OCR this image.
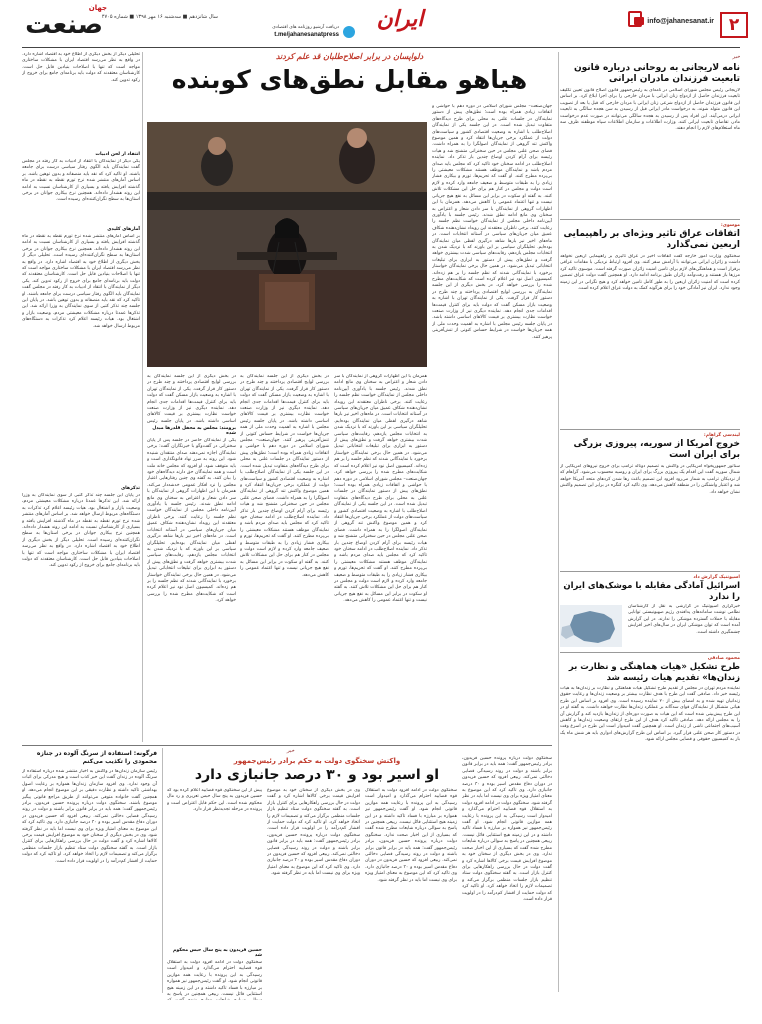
۲
info@jahanesanat.ir
ایران
دریافت آرشیو روزنامه های اقتصادی
t.me/jahanesanatpress
جهان
صنعت
سال شانزدهم ■ سه‌شنبه ۱۶ مهر ۱۳۹۸ ■ شماره ۴۷۰۵
خبر
نامه لاریجانی به روحانی درباره قانون تابعیت فرزندان مادران ایرانی
لاریجانی رئیس مجلس شورای اسلامی در نامه‌ای به رئیس‌جمهور قانون اصلاح قانون تعیین تکلیف تابعیت فرزندان حاصل از ازدواج زنان ایرانی با مردان خارجی را برای اجرا ابلاغ کرد. بر اساس این قانون فرزندان حاصل از ازدواج شرعی زنان ایرانی با مردان خارجی که قبل یا بعد از تصویب این قانون متولد شوند، به درخواست مادر ایرانی قبل از رسیدن به سن هجده سالگی به تابعیت ایرانی درمی‌آیند. این افراد پس از رسیدن به هجده سالگی می‌توانند در صورت عدم درخواست مادر، تقاضای تابعیت ایرانی کنند. وزارت اطلاعات و سازمان اطلاعات سپاه موظفند ظرف سه ماه استعلام‌های لازم را انجام دهند.
موسوی:
اتفاقات عراق تاثیر ویژه‌ای بر راهپیمایی اربعین نمی‌گذارد
سخنگوی وزارت امور خارجه گفت اتفاقات اخیر در عراق تاثیری بر راهپیمایی اربعین نخواهد داشت و زائران ایرانی می‌توانند با آرامش سفر کنند. وی افزود ارتباط نزدیکی با مقامات عراقی برقرار است و هماهنگی‌های لازم برای تامین امنیت زائران صورت گرفته است. موسوی تاکید کرد مرزها باز هستند و رفت‌وآمد زائران طبق برنامه ادامه دارد. او همچنین گفت دولت عراق تضمین کرده است که امنیت زائران اربعین را به طور کامل تامین خواهد کرد و هیچ نگرانی در این زمینه وجود ندارد. ایران نیز آمادگی خود را برای هرگونه کمک به دولت عراق اعلام کرده است.
لیندسی گراهام:
خروج آمریکا از سوریه، پیروزی بزرگی برای ایران است
سناتور جمهوریخواه آمریکایی در واکنش به تصمیم دونالد ترامپ برای خروج نیروهای آمریکایی از شمال سوریه گفت این اقدام یک پیروزی بزرگ برای ایران و روسیه محسوب می‌شود. گراهام که از نزدیکان ترامپ به شمار می‌رود افزود این تصمیم باعث رها شدن کردهای متحد آمریکا خواهد شد و اعتبار واشنگتن را در منطقه کاهش می‌دهد. وی تاکید کرد کنگره در برابر این تصمیم واکنش نشان خواهد داد.
اسپوتنیک گزارش داد
اسرائیل آمادگی مقابله با موشک‌های ایران را ندارد
خبرگزاری اسپوتنیک در گزارشی به نقل از کارشناسان نظامی نوشت سامانه‌های پدافندی رژیم صهیونیستی توانایی مقابله با حملات گسترده موشکی را ندارند. در این گزارش آمده است که توان موشکی ایران در سال‌های اخیر افزایش چشمگیری داشته است.
محمود صادقی
طرح تشکیل «هیات هماهنگی و نظارت بر زندان‌ها» تقدیم هیات رئیسه شد
نماینده مردم تهران در مجلس از تقدیم طرح تشکیل هیات هماهنگی و نظارت بر زندان‌ها به هیات رئیسه خبر داد. صادقی گفت این طرح با هدف نظارت بیشتر بر وضعیت زندان‌ها و رعایت حقوق زندانیان تهیه شده و به امضای بیش از ۲۰ نماینده رسیده است. وی افزود بر اساس این طرح هیاتی متشکل از نمایندگان قوای سه‌گانه بر عملکرد زندان‌ها نظارت خواهند داشت. به گفته او در این طرح پیش‌بینی شده است که این هیات به صورت دوره‌ای از زندان‌ها بازدید کند و گزارش آن را به مجلس ارائه دهد. صادقی تاکید کرد هدف از این طرح ارتقای وضعیت زندان‌ها و کاهش آسیب‌های اجتماعی ناشی از زندان است. او همچنین گفت امیدوار است این طرح در اسرع وقت در دستور کار صحن علنی قرار گیرد. بر اساس این طرح گزارش‌های ادواری باید هر شش ماه یک بار به کمیسیون حقوقی و قضایی مجلس ارائه شود.
دلواپسان در برابر اصلاح‌طلبان قد علم کردند
هیاهو مقابل نطق‌های کوبنده
جهان‌صنعت– مجلس شورای اسلامی در دوره دهم با حواشی و اتفاقات زیادی همراه بوده است؛ نطق‌های پیش از دستور نمایندگان در جلسات علنی به محلی برای طرح دیدگاه‌های متفاوت تبدیل شده است. در این جلسه یکی از نمایندگان اصلاح‌طلب با اشاره به وضعیت اقتصادی کشور و سیاست‌های دولت از عملکرد برخی جریان‌ها انتقاد کرد و همین موضوع واکنش تند گروهی از نمایندگان اصولگرا را به همراه داشت. فضای صحن علنی مجلس در حین سخنرانی متشنج شد و هیات رئیسه برای آرام کردن اوضاع چندین بار تذکر داد. نماینده اصلاح‌طلب در ادامه سخنان خود تاکید کرد که مجلس باید صدای مردم باشد و نمایندگان موظف هستند مشکلات معیشتی را بی‌پرده مطرح کنند. او گفت که تحریم‌ها، تورم و بیکاری فشار زیادی را به طبقات متوسط و ضعیف جامعه وارد کرده و لازم است دولت و مجلس در کنار هم برای حل این مشکلات تلاش کنند. به گفته او سکوت در برابر این مسائل به نفع هیچ جریانی نیست و تنها اعتماد عمومی را کاهش می‌دهد. همزمان با این اظهارات گروهی از نمایندگان با سر دادن شعار و اعتراض به سخنان وی مانع ادامه نطق شدند. رئیس جلسه با یادآوری آیین‌نامه داخلی مجلس از نمایندگان خواست نظم جلسه را رعایت کنند. برخی ناظران معتقدند این رویداد نشان‌دهنده شکاف عمیق میان جریان‌های سیاسی در آستانه انتخابات است. در ماه‌های اخیر نیز بارها شاهد درگیری لفظی میان نمایندگان بوده‌ایم. تحلیلگران سیاسی بر این باورند که با نزدیک شدن به انتخابات مجلس یازدهم، رقابت‌های سیاسی شدت بیشتری خواهد گرفت و نطق‌های پیش از دستور به ابزاری برای تبلیغات انتخاباتی تبدیل می‌شود. در همین حال برخی نمایندگان خواستار برخورد با نمایندگانی شدند که نظم جلسه را بر هم زده‌اند. کمیسیون اصل نود نیز اعلام کرده است که شکایت‌های مطرح شده را بررسی خواهد کرد. در بخش دیگری از این جلسه نمایندگان به بررسی لوایح اقتصادی پرداختند و چند طرح در دستور کار قرار گرفت. یکی از نمایندگان تهران با اشاره به وضعیت بازار مسکن گفت که دولت باید برای کنترل قیمت‌ها اقدامات جدی انجام دهد. نماینده دیگری نیز از وزارت صنعت خواست نظارت بیشتری بر قیمت کالاهای اساسی داشته باشد. در پایان جلسه رئیس مجلس با اشاره به اهمیت وحدت ملی از همه جریان‌ها خواست در شرایط حساس کنونی از تنش‌آفرینی پرهیز کنند.
همزمان با این اظهارات گروهی از نمایندگان با سر دادن شعار و اعتراض به سخنان وی مانع ادامه نطق شدند. رئیس جلسه با یادآوری آیین‌نامه داخلی مجلس از نمایندگان خواست نظم جلسه را رعایت کنند. برخی ناظران معتقدند این رویداد نشان‌دهنده شکاف عمیق میان جریان‌های سیاسی در آستانه انتخابات است. در ماه‌های اخیر نیز بارها شاهد درگیری لفظی میان نمایندگان بوده‌ایم. تحلیلگران سیاسی بر این باورند که با نزدیک شدن به انتخابات مجلس یازدهم، رقابت‌های سیاسی شدت بیشتری خواهد گرفت و نطق‌های پیش از دستور به ابزاری برای تبلیغات انتخاباتی تبدیل می‌شود. در همین حال برخی نمایندگان خواستار برخورد با نمایندگانی شدند که نظم جلسه را بر هم زده‌اند. کمیسیون اصل نود نیز اعلام کرده است که شکایت‌های مطرح شده را بررسی خواهد کرد. جهان‌صنعت– مجلس شورای اسلامی در دوره دهم با حواشی و اتفاقات زیادی همراه بوده است؛ نطق‌های پیش از دستور نمایندگان در جلسات علنی به محلی برای طرح دیدگاه‌های متفاوت تبدیل شده است. در این جلسه یکی از نمایندگان اصلاح‌طلب با اشاره به وضعیت اقتصادی کشور و سیاست‌های دولت از عملکرد برخی جریان‌ها انتقاد کرد و همین موضوع واکنش تند گروهی از نمایندگان اصولگرا را به همراه داشت. فضای صحن علنی مجلس در حین سخنرانی متشنج شد و هیات رئیسه برای آرام کردن اوضاع چندین بار تذکر داد. نماینده اصلاح‌طلب در ادامه سخنان خود تاکید کرد که مجلس باید صدای مردم باشد و نمایندگان موظف هستند مشکلات معیشتی را بی‌پرده مطرح کنند. او گفت که تحریم‌ها، تورم و بیکاری فشار زیادی را به طبقات متوسط و ضعیف جامعه وارد کرده و لازم است دولت و مجلس در کنار هم برای حل این مشکلات تلاش کنند. به گفته او سکوت در برابر این مسائل به نفع هیچ جریانی نیست و تنها اعتماد عمومی را کاهش می‌دهد.
در بخش دیگری از این جلسه نمایندگان به بررسی لوایح اقتصادی پرداختند و چند طرح در دستور کار قرار گرفت. یکی از نمایندگان تهران با اشاره به وضعیت بازار مسکن گفت که دولت باید برای کنترل قیمت‌ها اقدامات جدی انجام دهد. نماینده دیگری نیز از وزارت صنعت خواست نظارت بیشتری بر قیمت کالاهای اساسی داشته باشد. در پایان جلسه رئیس مجلس با اشاره به اهمیت وحدت ملی از همه جریان‌ها خواست در شرایط حساس کنونی از تنش‌آفرینی پرهیز کنند. جهان‌صنعت– مجلس شورای اسلامی در دوره دهم با حواشی و اتفاقات زیادی همراه بوده است؛ نطق‌های پیش از دستور نمایندگان در جلسات علنی به محلی برای طرح دیدگاه‌های متفاوت تبدیل شده است. در این جلسه یکی از نمایندگان اصلاح‌طلب با اشاره به وضعیت اقتصادی کشور و سیاست‌های دولت از عملکرد برخی جریان‌ها انتقاد کرد و همین موضوع واکنش تند گروهی از نمایندگان اصولگرا را به همراه داشت. فضای صحن علنی مجلس در حین سخنرانی متشنج شد و هیات رئیسه برای آرام کردن اوضاع چندین بار تذکر داد. نماینده اصلاح‌طلب در ادامه سخنان خود تاکید کرد که مجلس باید صدای مردم باشد و نمایندگان موظف هستند مشکلات معیشتی را بی‌پرده مطرح کنند. او گفت که تحریم‌ها، تورم و بیکاری فشار زیادی را به طبقات متوسط و ضعیف جامعه وارد کرده و لازم است دولت و مجلس در کنار هم برای حل این مشکلات تلاش کنند. به گفته او سکوت در برابر این مسائل به نفع هیچ جریانی نیست و تنها اعتماد عمومی را کاهش می‌دهد.
در بخش دیگری از این جلسه نمایندگان به بررسی لوایح اقتصادی پرداختند و چند طرح در دستور کار قرار گرفت. یکی از نمایندگان تهران با اشاره به وضعیت بازار مسکن گفت که دولت باید برای کنترل قیمت‌ها اقدامات جدی انجام دهد. نماینده دیگری نیز از وزارت صنعت خواست نظارت بیشتری بر قیمت کالاهای اساسی داشته باشد. در پایان جلسه رئیس
برومند: مجلس به محفل قلدرها مبدل شده
یکی از نمایندگان حاضر در جلسه پس از پایان سخنرانی در گفت‌وگو با خبرنگاران گفت: برخی نمایندگان اجازه نمی‌دهند صدای منتقدان شنیده شود. این روند به ضرر نهاد قانونگذاری است و باید متوقف شود. او افزود که مجلس خانه ملت است و همه نمایندگان حق دارند دیدگاه‌های خود را بیان کنند. به گفته وی چنین رفتارهایی اعتبار مجلس را نزد افکار عمومی خدشه‌دار می‌کند. همزمان با این اظهارات گروهی از نمایندگان با سر دادن شعار و اعتراض به سخنان وی مانع ادامه نطق شدند. رئیس جلسه با یادآوری آیین‌نامه داخلی مجلس از نمایندگان خواست نظم جلسه را رعایت کنند. برخی ناظران معتقدند این رویداد نشان‌دهنده شکاف عمیق میان جریان‌های سیاسی در آستانه انتخابات است. در ماه‌های اخیر نیز بارها شاهد درگیری لفظی میان نمایندگان بوده‌ایم. تحلیلگران سیاسی بر این باورند که با نزدیک شدن به انتخابات مجلس یازدهم، رقابت‌های سیاسی شدت بیشتری خواهد گرفت و نطق‌های پیش از دستور به ابزاری برای تبلیغات انتخاباتی تبدیل می‌شود. در همین حال برخی نمایندگان خواستار برخورد با نمایندگانی شدند که نظم جلسه را بر هم زده‌اند. کمیسیون اصل نود نیز اعلام کرده است که شکایت‌های مطرح شده را بررسی خواهد کرد.
تحلیلی دیگر از بخش دیگری از اطلاع خود به اقتصاد اشاره دارد. در واقع به نظر می‌رسد اقتصاد ایران با مشکلات ساختاری مواجه است که تنها با اصلاحات بنیادین قابل حل است. کارشناسان معتقدند که دولت باید برنامه‌ای جامع برای خروج از رکود تدوین کند.
انتقاد از لحن ادبیات
یکی دیگر از نمایندگان با انتقاد از ادبیات به کار رفته در مجلس گفت نمایندگان باید الگوی رفتار سیاسی درست برای جامعه باشند. او تاکید کرد که نقد باید منصفانه و بدون توهین باشد. بر اساس آمارهای منتشر شده نرخ تورم نقطه به نقطه در ماه گذشته افزایش یافته و بسیاری از کارشناسان نسبت به ادامه این روند هشدار داده‌اند. همچنین نرخ بیکاری جوانان در برخی استان‌ها به سطح نگران‌کننده‌ای رسیده است.
آمارهای کلیدی
بر اساس آمارهای منتشر شده نرخ تورم نقطه به نقطه در ماه گذشته افزایش یافته و بسیاری از کارشناسان نسبت به ادامه این روند هشدار داده‌اند. همچنین نرخ بیکاری جوانان در برخی استان‌ها به سطح نگران‌کننده‌ای رسیده است. تحلیلی دیگر از بخش دیگری از اطلاع خود به اقتصاد اشاره دارد. در واقع به نظر می‌رسد اقتصاد ایران با مشکلات ساختاری مواجه است که تنها با اصلاحات بنیادین قابل حل است. کارشناسان معتقدند که دولت باید برنامه‌ای جامع برای خروج از رکود تدوین کند. یکی دیگر از نمایندگان با انتقاد از ادبیات به کار رفته در مجلس گفت نمایندگان باید الگوی رفتار سیاسی درست برای جامعه باشند. او تاکید کرد که نقد باید منصفانه و بدون توهین باشد. در پایان این جلسه چند تذکر کتبی از سوی نمایندگان به وزرا ارائه شد. این تذکرها عمدتا درباره مشکلات معیشتی مردم، وضعیت بازار و اشتغال بود. هیات رئیسه اعلام کرد تذکرات به دستگاه‌های مربوط ارسال خواهد شد.
تذکرهای
در پایان این جلسه چند تذکر کتبی از سوی نمایندگان به وزرا ارائه شد. این تذکرها عمدتا درباره مشکلات معیشتی مردم، وضعیت بازار و اشتغال بود. هیات رئیسه اعلام کرد تذکرات به دستگاه‌های مربوط ارسال خواهد شد. بر اساس آمارهای منتشر شده نرخ تورم نقطه به نقطه در ماه گذشته افزایش یافته و بسیاری از کارشناسان نسبت به ادامه این روند هشدار داده‌اند. همچنین نرخ بیکاری جوانان در برخی استان‌ها به سطح نگران‌کننده‌ای رسیده است. تحلیلی دیگر از بخش دیگری از اطلاع خود به اقتصاد اشاره دارد. در واقع به نظر می‌رسد اقتصاد ایران با مشکلات ساختاری مواجه است که تنها با اصلاحات بنیادین قابل حل است. کارشناسان معتقدند که دولت باید برنامه‌ای جامع برای خروج از رکود تدوین کند.
خبر
واکنش سخنگوی دولت به حکم برادر رئیس‌جمهور
او اسیر بود و ۳۰ درصد جانبازی دارد
سخنگوی دولت درباره پرونده حسین فریدون، برادر رئیس‌جمهور گفت: همه باید در برابر قانون برابر باشند و دولت در روند رسیدگی قضایی دخالتی نمی‌کند. ربیعی افزود که حسین فریدون در دوران دفاع مقدس اسیر بوده و ۳۰ درصد جانبازی دارد. وی تاکید کرد که این موضوع به معنای امتیاز ویژه برای وی نیست اما باید در نظر گرفته شود. سخنگوی دولت در ادامه افزود دولت به استقلال قوه قضاییه احترام می‌گذارد و امیدوار است رسیدگی به این پرونده با رعایت همه موازین قانونی انجام شود. او گفت رئیس‌جمهور نیز همواره بر مبارزه با فساد تاکید داشته و در این زمینه هیچ استثنایی قائل نیست. ربیعی همچنین در پاسخ به سوالی درباره شایعات مطرح شده گفت که بسیاری از این اخبار صحت ندارد. وی در بخش دیگری از سخنان خود به موضوع افزایش قیمت برخی کالاها اشاره کرد و گفت دولت در حال بررسی راهکارهایی برای کنترل بازار است. به گفته سخنگوی دولت ستاد تنظیم بازار جلسات منظمی برگزار می‌کند و تصمیمات لازم را اتخاذ خواهد کرد. او تاکید کرد که دولت حمایت از اقشار کم‌درآمد را در اولویت قرار داده است.
سخنگوی دولت در ادامه افزود دولت به استقلال قوه قضاییه احترام می‌گذارد و امیدوار است رسیدگی به این پرونده با رعایت همه موازین قانونی انجام شود. او گفت رئیس‌جمهور نیز همواره بر مبارزه با فساد تاکید داشته و در این زمینه هیچ استثنایی قائل نیست. ربیعی همچنین در پاسخ به سوالی درباره شایعات مطرح شده گفت که بسیاری از این اخبار صحت ندارد. سخنگوی دولت درباره پرونده حسین فریدون، برادر رئیس‌جمهور گفت: همه باید در برابر قانون برابر باشند و دولت در روند رسیدگی قضایی دخالتی نمی‌کند. ربیعی افزود که حسین فریدون در دوران دفاع مقدس اسیر بوده و ۳۰ درصد جانبازی دارد. وی تاکید کرد که این موضوع به معنای امتیاز ویژه برای وی نیست اما باید در نظر گرفته شود.
وی در بخش دیگری از سخنان خود به موضوع افزایش قیمت برخی کالاها اشاره کرد و گفت دولت در حال بررسی راهکارهایی برای کنترل بازار است. به گفته سخنگوی دولت ستاد تنظیم بازار جلسات منظمی برگزار می‌کند و تصمیمات لازم را اتخاذ خواهد کرد. او تاکید کرد که دولت حمایت از اقشار کم‌درآمد را در اولویت قرار داده است. سخنگوی دولت درباره پرونده حسین فریدون، برادر رئیس‌جمهور گفت: همه باید در برابر قانون برابر باشند و دولت در روند رسیدگی قضایی دخالتی نمی‌کند. ربیعی افزود که حسین فریدون در دوران دفاع مقدس اسیر بوده و ۳۰ درصد جانبازی دارد. وی تاکید کرد که این موضوع به معنای امتیاز ویژه برای وی نیست اما باید در نظر گرفته شود.
پیش از این سخنگوی قوه قضاییه اعلام کرده بود که حسین فریدون به پنج سال حبس تعزیری و رد مال محکوم شده است. این حکم قابل اعتراض است و پرونده در مرحله تجدیدنظر قرار دارد.
حسین فریدون به پنج سال حبس محکوم شد
سخنگوی دولت در ادامه افزود دولت به استقلال قوه قضاییه احترام می‌گذارد و امیدوار است رسیدگی به این پرونده با رعایت همه موازین قانونی انجام شود. او گفت رئیس‌جمهور نیز همواره بر مبارزه با فساد تاکید داشته و در این زمینه هیچ استثنایی قائل نیست. ربیعی همچنین در پاسخ به
فرگونه: استفاده از سرنگ آلوده در جنازه محمودی را تکذیب می‌کنم
رئیس سازمان زندان‌ها در واکنش به اخبار منتشر شده درباره استفاده از سرنگ آلوده در زندان گفت این خبر کذب است و هیچ مدرکی برای اثبات آن وجود ندارد. وی افزود سازمان زندان‌ها همواره بر رعایت اصول بهداشتی تاکید داشته و نظارت دقیقی بر این موضوع انجام می‌دهد. او همچنین گفت خانواده متوفی می‌توانند از طریق مراجع قانونی پیگیر موضوع باشند. سخنگوی دولت درباره پرونده حسین فریدون، برادر رئیس‌جمهور گفت: همه باید در برابر قانون برابر باشند و دولت در روند رسیدگی قضایی دخالتی نمی‌کند. ربیعی افزود که حسین فریدون در دوران دفاع مقدس اسیر بوده و ۳۰ درصد جانبازی دارد. وی تاکید کرد که این موضوع به معنای امتیاز ویژه برای وی نیست اما باید در نظر گرفته شود. وی در بخش دیگری از سخنان خود به موضوع افزایش قیمت برخی کالاها اشاره کرد و گفت دولت در حال بررسی راهکارهایی برای کنترل بازار است. به گفته سخنگوی دولت ستاد تنظیم بازار جلسات منظمی برگزار می‌کند و تصمیمات لازم را اتخاذ خواهد کرد. او تاکید کرد که دولت حمایت از اقشار کم‌درآمد را در اولویت قرار داده است.
